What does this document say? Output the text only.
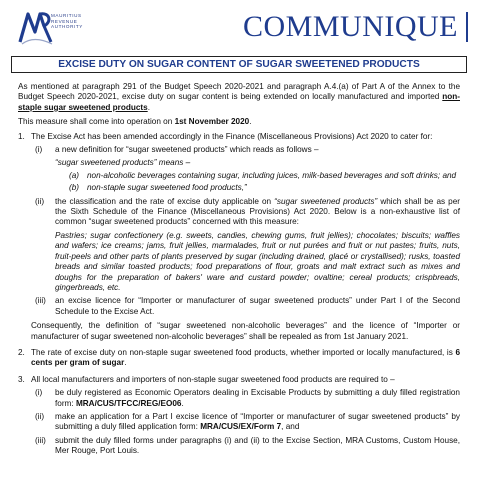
MAURITIUS
REVENUE
AUTHORITY	COMMUNIQUE
EXCISE DUTY ON SUGAR CONTENT OF SUGAR SWEETENED PRODUCTS

As mentioned at paragraph 291 of the Budget Speech 2020-2021 and paragraph A.4.(a) of Part A of the Annex to the Budget Speech 2020-2021, excise duty on sugar content is being extended on locally manufactured and imported non-staple sugar sweetened products.

This measure shall come into operation on 1st November 2020.

1. The Excise Act has been amended accordingly in the Finance (Miscellaneous Provisions) Act 2020 to cater for:

(i)	a new definition for “sugar sweetened products” which reads as follows –

“sugar sweetened products” means –

(a) non-alcoholic beverages containing sugar, including juices, milk-based beverages and soft drinks; and
(b) non-staple sugar sweetened food products,”
(ii)	the classification and the rate of excise duty applicable on “sugar sweetened products” which shall be as per the Sixth Schedule of the Finance (Miscellaneous Provisions) Act 2020. Below is a non-exhaustive list of common “sugar sweetened products” concerned with this measure:

Pastries; sugar confectionery (e.g. sweets, candies, chewing gums, fruit jellies); chocolates; biscuits; waffles and wafers; ice creams; jams, fruit jellies, marmalades, fruit or nut purées and fruit or nut pastes; fruits, nuts, fruit-peels and other parts of plants preserved by sugar (including drained, glacé or crystallised); rusks, toasted breads and similar toasted products; food preparations of flour, groats and malt extract such as mixes and doughs for the preparation of bakers' ware and custard powder; ovaltine; cereal products; crispbreads, gingerbreads, etc.

(iii)	an excise licence for “Importer or manufacturer of sugar sweetened products” under Part I of the Second Schedule to the Excise Act.

Consequently, the definition of “sugar sweetened non-alcoholic beverages” and the licence of “Importer or manufacturer of sugar sweetened non-alcoholic beverages” shall be repealed as from 1st January 2021.

2. The rate of excise duty on non-staple sugar sweetened food products, whether imported or locally manufactured, is 6 cents per gram of sugar.

3. All local manufacturers and importers of non-staple sugar sweetened food products are required to –

(i)	be duly registered as Economic Operators dealing in Excisable Products by submitting a duly filled registration form: MRA/CUS/TFCC/REG/EO06.

(ii)	make an application for a Part I excise licence of “Importer or manufacturer of sugar sweetened products” by submitting a duly filled application form: MRA/CUS/EX/Form 7, and

(iii)	submit the duly filled forms under paragraphs (i) and (ii) to the Excise Section, MRA Customs, Custom House, Mer Rouge, Port Louis.
